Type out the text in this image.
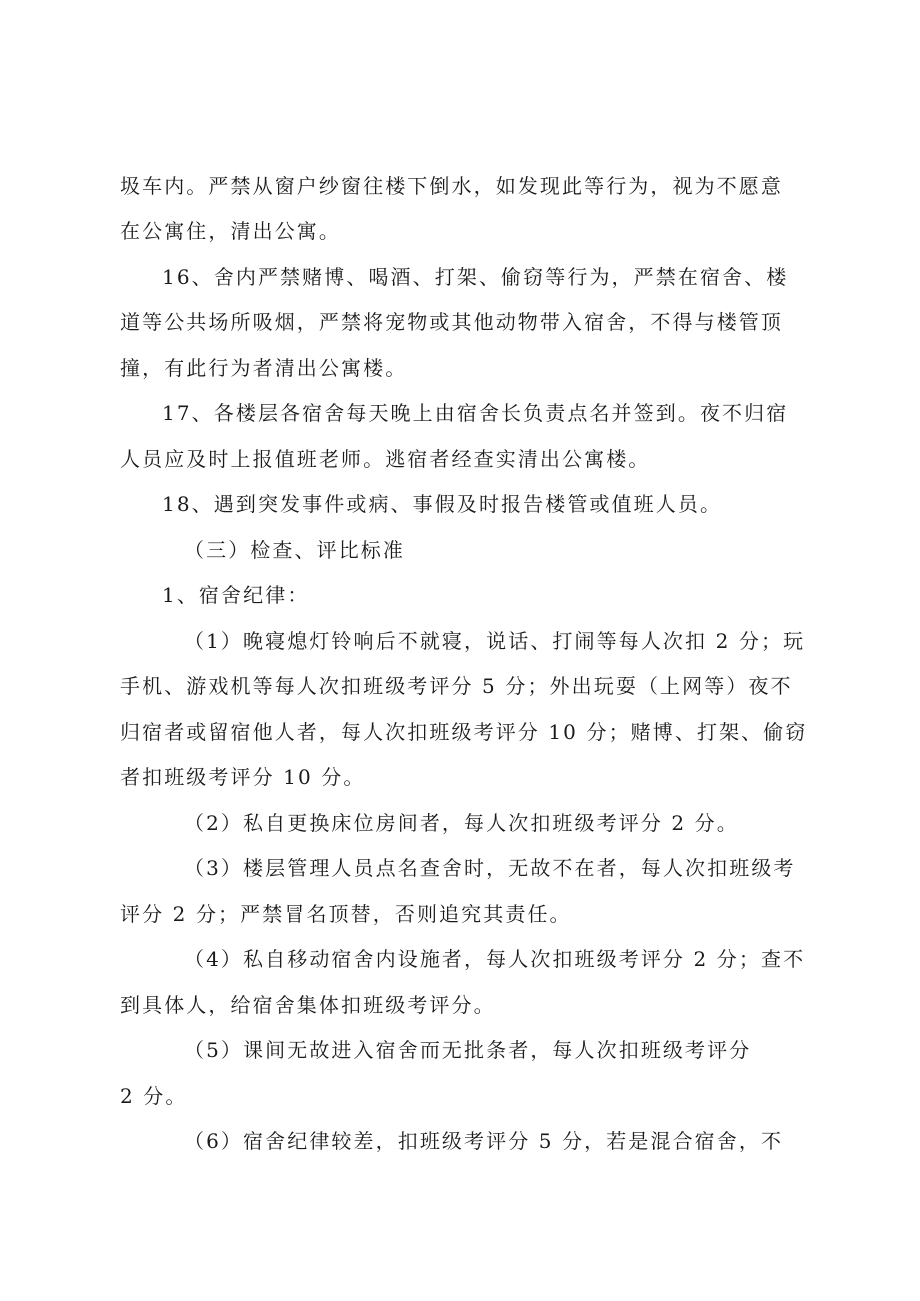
圾车内。严禁从窗户纱窗往楼下倒水，如发现此等行为，视为不愿意
在公寓住，清出公寓。
16、舍内严禁赌博、喝酒、打架、偷窃等行为，严禁在宿舍、楼
道等公共场所吸烟，严禁将宠物或其他动物带入宿舍，不得与楼管顶
撞，有此行为者清出公寓楼。
17、各楼层各宿舍每天晚上由宿舍长负责点名并签到。夜不归宿
人员应及时上报值班老师。逃宿者经查实清出公寓楼。
18、遇到突发事件或病、事假及时报告楼管或值班人员。
（三）检查、评比标准
1、宿舍纪律：
（1）晚寝熄灯铃响后不就寝，说话、打闹等每人次扣 2 分；玩
手机、游戏机等每人次扣班级考评分 5 分；外出玩耍（上网等）夜不
归宿者或留宿他人者，每人次扣班级考评分 10 分；赌博、打架、偷窃
者扣班级考评分 10 分。
（2）私自更换床位房间者，每人次扣班级考评分 2 分。
（3）楼层管理人员点名查舍时，无故不在者，每人次扣班级考
评分 2 分；严禁冒名顶替，否则追究其责任。
（4）私自移动宿舍内设施者，每人次扣班级考评分 2 分；查不
到具体人，给宿舍集体扣班级考评分。
（5）课间无故进入宿舍而无批条者，每人次扣班级考评分
2 分。
（6）宿舍纪律较差，扣班级考评分 5 分，若是混合宿舍，不
